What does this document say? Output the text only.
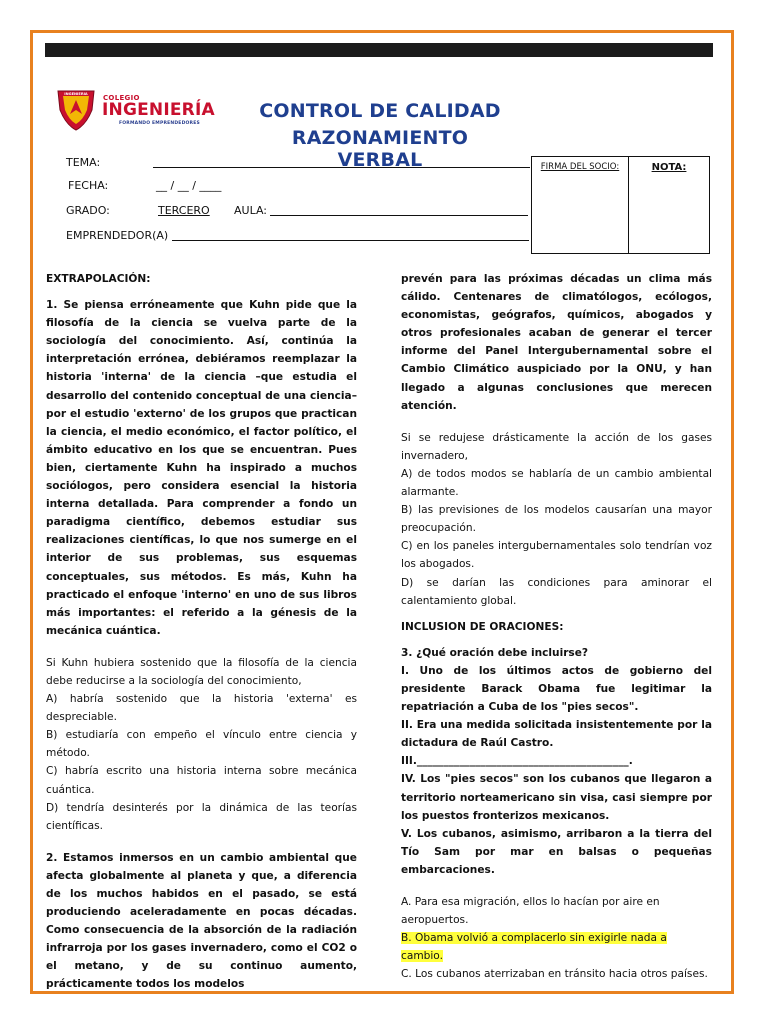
INGENIERIA COLEGIO
INGENIERÍA
FORMANDO EMPRENDEDORES
CONTROL DE CALIDAD
RAZONAMIENTO VERBAL
TEMA:
FECHA:	__ / __ / ____
GRADO:	TERCERO AULA:
EMPRENDEDOR(A)
FIRMA DEL SOCIO:	NOTA:

EXTRAPOLACIÓN:

1. Se piensa erróneamente que Kuhn pide que la filosofía de la ciencia se vuelva parte de la sociología del conocimiento. Así, continúa la interpretación errónea, debiéramos reemplazar la historia 'interna' de la ciencia –que estudia el desarrollo del contenido conceptual de una ciencia– por el estudio 'externo' de los grupos que practican la ciencia, el medio económico, el factor político, el ámbito educativo en los que se encuentran. Pues bien, ciertamente Kuhn ha inspirado a muchos sociólogos, pero considera esencial la historia interna detallada. Para comprender a fondo un paradigma científico, debemos estudiar sus realizaciones científicas, lo que nos sumerge en el interior de sus problemas, sus esquemas conceptuales, sus métodos. Es más, Kuhn ha practicado el enfoque 'interno' en uno de sus libros más importantes: el referido a la génesis de la mecánica cuántica.

Si Kuhn hubiera sostenido que la filosofía de la ciencia debe reducirse a la sociología del conocimiento,

A) habría sostenido que la historia 'externa' es despreciable.

B) estudiaría con empeño el vínculo entre ciencia y método.

C) habría escrito una historia interna sobre mecánica cuántica.

D) tendría desinterés por la dinámica de las teorías científicas.

2. Estamos inmersos en un cambio ambiental que afecta globalmente al planeta y que, a diferencia de los muchos habidos en el pasado, se está produciendo aceleradamente en pocas décadas. Como consecuencia de la absorción de la radiación infrarroja por los gases invernadero, como el CO2 o el metano, y de su continuo aumento, prácticamente todos los modelos

prevén para las próximas décadas un clima más cálido. Centenares de climatólogos, ecólogos, economistas, geógrafos, químicos, abogados y otros profesionales acaban de generar el tercer informe del Panel Intergubernamental sobre el Cambio Climático auspiciado por la ONU, y han llegado a algunas conclusiones que merecen atención.

Si se redujese drásticamente la acción de los gases invernadero,

A) de todos modos se hablaría de un cambio ambiental alarmante.

B) las previsiones de los modelos causarían una mayor preocupación.

C) en los paneles intergubernamentales solo tendrían voz los abogados.

D) se darían las condiciones para aminorar el calentamiento global.

INCLUSION DE ORACIONES:

3. ¿Qué oración debe incluirse?

I. Uno de los últimos actos de gobierno del presidente Barack Obama fue legitimar la repatriación a Cuba de los "pies secos".

II. Era una medida solicitada insistentemente por la dictadura de Raúl Castro.

III.________________________________________.

IV. Los "pies secos" son los cubanos que llegaron a territorio norteamericano sin visa, casi siempre por los puestos fronterizos mexicanos.

V. Los cubanos, asimismo, arribaron a la tierra del Tío Sam por mar en balsas o pequeñas embarcaciones.

A. Para esa migración, ellos lo hacían por aire en aeropuertos.

B. Obama volvió a complacerlo sin exigirle nada a cambio.

C. Los cubanos aterrizaban en tránsito hacia otros países.
